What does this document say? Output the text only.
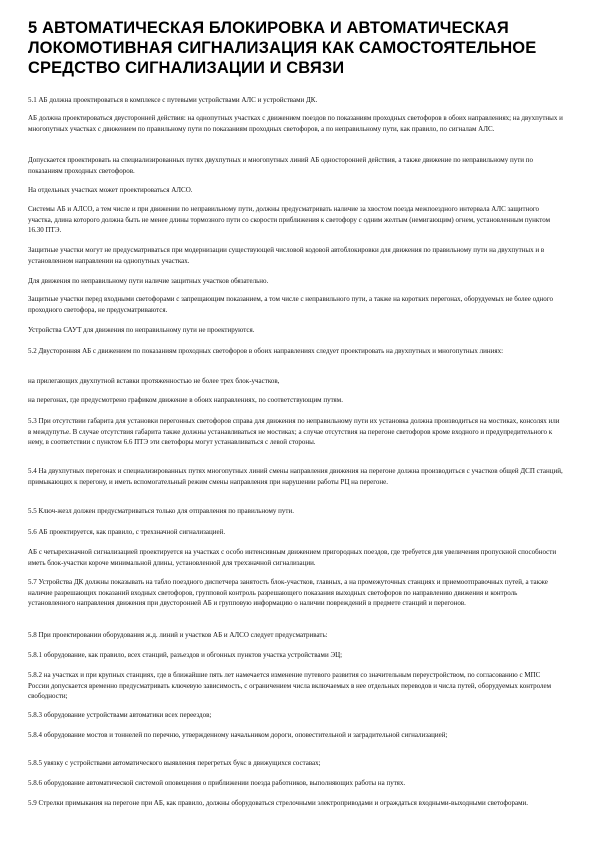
5 АВТОМАТИЧЕСКАЯ БЛОКИРОВКА И АВТОМАТИЧЕСКАЯ ЛОКОМОТИВНАЯ СИГНАЛИЗАЦИЯ КАК САМОСТОЯТЕЛЬНОЕ СРЕДСТВО СИГНАЛИЗАЦИИ И СВЯЗИ

5.1 АБ должна проектироваться в комплексе с путевыми устройствами АЛС и устройствами ДК.

АБ должна проектироваться двусторонней действия: на однопутных участках с движением поездов по показаниям проходных светофоров в обоих направлениях; на двухпутных и многопутных участках с движением по правильному пути по показаниям проходных светофоров, а по неправильному пути, как правило, по сигналам АЛС.

Допускается проектировать на специализированных путях двухпутных и многопутных линий АБ односторонней действия, а также движение по неправильному пути по показаниям проходных светофоров.

На отдельных участках может проектироваться АЛСО.

Системы АБ и АЛСО, а тем числе и при движении по неправильному пути, должны предусматривать наличие за хвостом поезда межпоездного интервала АЛС защитного участка, длина которого должна быть не менее длины тормозного пути со скорости приближения к светофору с одним желтым (немигающим) огнем, установленным пунктом 16.30 ПТЭ.

Защитные участки могут не предусматриваться при модернизации существующей числовой кодовой автоблокировки для движения по правильному пути на двухпутных и в установленном направлении на однопутных участках.

Для движения по неправильному пути наличие защитных участков обязательно.

Защитные участки перед входными светофорами с запрещающим показанием, а том числе с неправильного пути, а также на коротких перегонах, оборудуемых не более одного проходного светофора, не предусматриваются.

Устройства САУТ для движения по неправильному пути не проектируются.

5.2 Двусторонняя АБ с движением по показаниям проходных светофоров в обоих направлениях следует проектировать на двухпутных и многопутных линиях:

на прилегающих двухпутной вставки протяженностью не более трех блок-участков,

на перегонах, где предусмотрено графиком движение в обоих направлениях, по соответствующим путям.

5.3 При отсутствии габарита для установки перегонных светофоров справа для движения по неправильному пути их установка должна производиться на мостиках, консолях или в междупутье. В случае отсутствия габарита также должны устанавливаться не мостиках; а случае отсутствия на перегоне светофоров кроме входного и предупредительного к нему, в соответствии с пунктом 6.6 ПТЭ эти светофоры могут устанавливаться с левой стороны.

5.4 На двухпутных перегонах и специализированных путях многопутных линий смены направления движения на перегоне должна производиться с участков общей ДСП станций, примыкающих к перегону, и иметь вспомогательный режим смены направления при нарушении работы РЦ на перегоне.

5.5 Ключ-жезл должен предусматриваться только для отправления по правильному пути.

5.6 АБ проектируется, как правило, с трехзначной сигнализацией.

АБ с четырехзначной сигнализацией проектируется на участках с особо интенсивным движением пригородных поездов, где требуется для увеличения пропускной способности иметь блок-участки короче минимальной длины, установленной для трехзначной сигнализации.

5.7 Устройства ДК должны показывать на табло поездного диспетчера занятость блок-участков, главных, а на промежуточных станциях и приемоотправочных путей, а также наличие разрешающих показаний входных светофоров, групповой контроль разрешающего показания выходных светофоров по направлению движения и контроль установленного направления движения при двусторонней АБ и групповую информацию о наличии повреждений в предмете станций и перегонов.

5.8 При проектировании оборудования ж.д. линий и участков АБ и АЛСО следует предусматривать:

5.8.1 оборудование, как правило, всех станций, разъездов и обгонных пунктов участка устройствами ЭЦ;

5.8.2 на участках и при крупных станциях, где в ближайшие пять лет намечается изменение путевого развития со значительным переустройством, по согласованию с МПС России допускается временно предусматривать ключевую зависимость, с ограничением числа включаемых в нее отдельных переводов и числа путей, оборудуемых контролем свободности;

5.8.3 оборудование устройствами автоматики всех переездов;

5.8.4 оборудование мостов и тоннелей по перечню, утвержденному начальником дороги, оповестительной и заградительной сигнализацией;

5.8.5 увязку с устройствами автоматического выявления перегретых букс в движущихся составах;

5.8.6 оборудование автоматической системой оповещения о приближении поезда работников, выполняющих работы на путях.

5.9 Стрелки примыкания на перегоне при АБ, как правило, должны оборудоваться стрелочными электроприводами и ограждаться входными-выходными светофорами.
